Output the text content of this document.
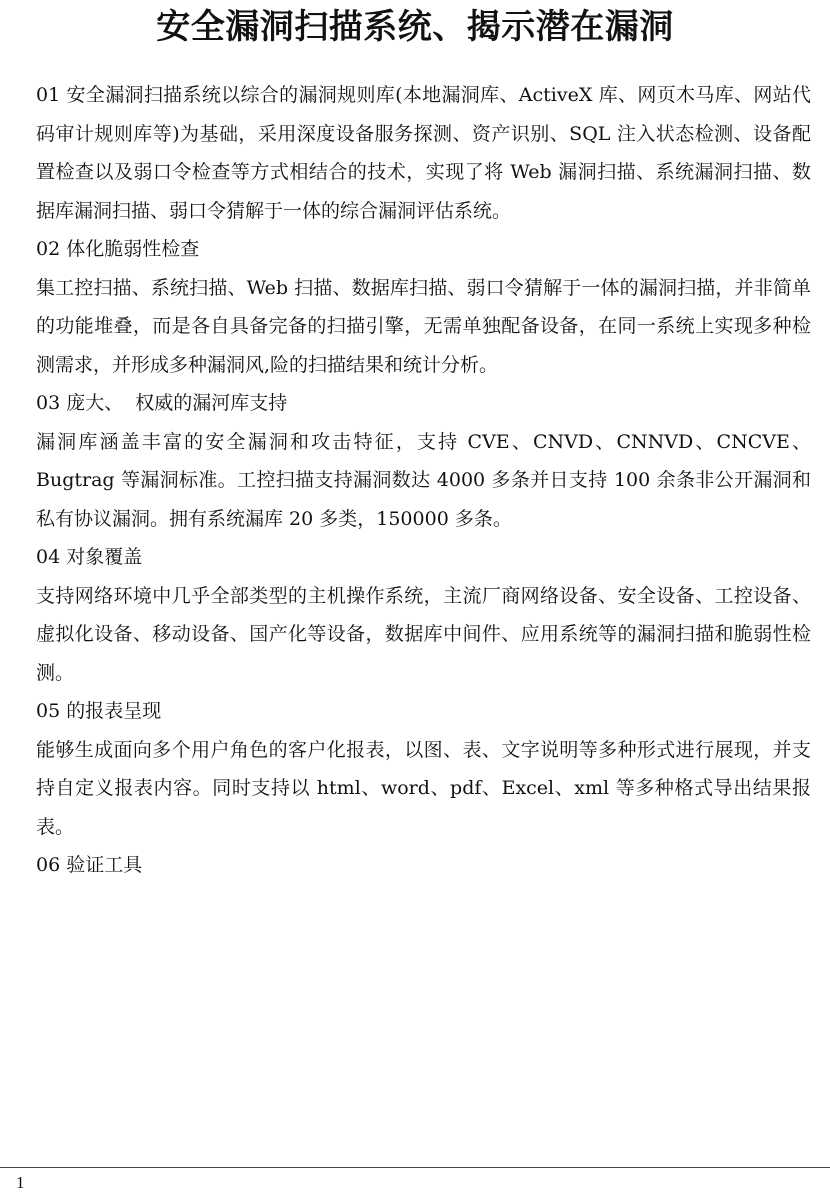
安全漏洞扫描系统、揭示潜在漏洞

01 安全漏洞扫描系统以综合的漏洞规则库(本地漏洞库、ActiveX 库、网页木马库、网站代码审计规则库等)为基础，采用深度设备服务探测、资产识别、SQL 注入状态检测、设备配置检查以及弱口令检查等方式相结合的技术，实现了将 Web 漏洞扫描、系统漏洞扫描、数据库漏洞扫描、弱口令猜解于一体的综合漏洞评估系统。

02 体化脆弱性检查

集工控扫描、系统扫描、Web 扫描、数据库扫描、弱口令猜解于一体的漏洞扫描，并非简单的功能堆叠，而是各自具备完备的扫描引擎，无需单独配备设备，在同一系统上实现多种检测需求，并形成多种漏洞风,险的扫描结果和统计分析。

03 庞大、  权威的漏河库支持

漏洞库涵盖丰富的安全漏洞和攻击特征，支持 CVE、CNVD、CNNVD、CNCVE、Bugtrag 等漏洞标准。工控扫描支持漏洞数达 4000 多条并日支持 100 余条非公开漏洞和私有协议漏洞。拥有系统漏库 20 多类，150000 多条。

04 对象覆盖

支持网络环境中几乎全部类型的主机操作系统，主流厂商网络设备、安全设备、工控设备、虚拟化设备、移动设备、国产化等设备，数据库中间件、应用系统等的漏洞扫描和脆弱性检测。

05 的报表呈现

能够生成面向多个用户角色的客户化报表，以图、表、文字说明等多种形式进行展现，并支持自定义报表内容。同时支持以 html、word、pdf、Excel、xml 等多种格式导出结果报表。

06 验证工具
1
